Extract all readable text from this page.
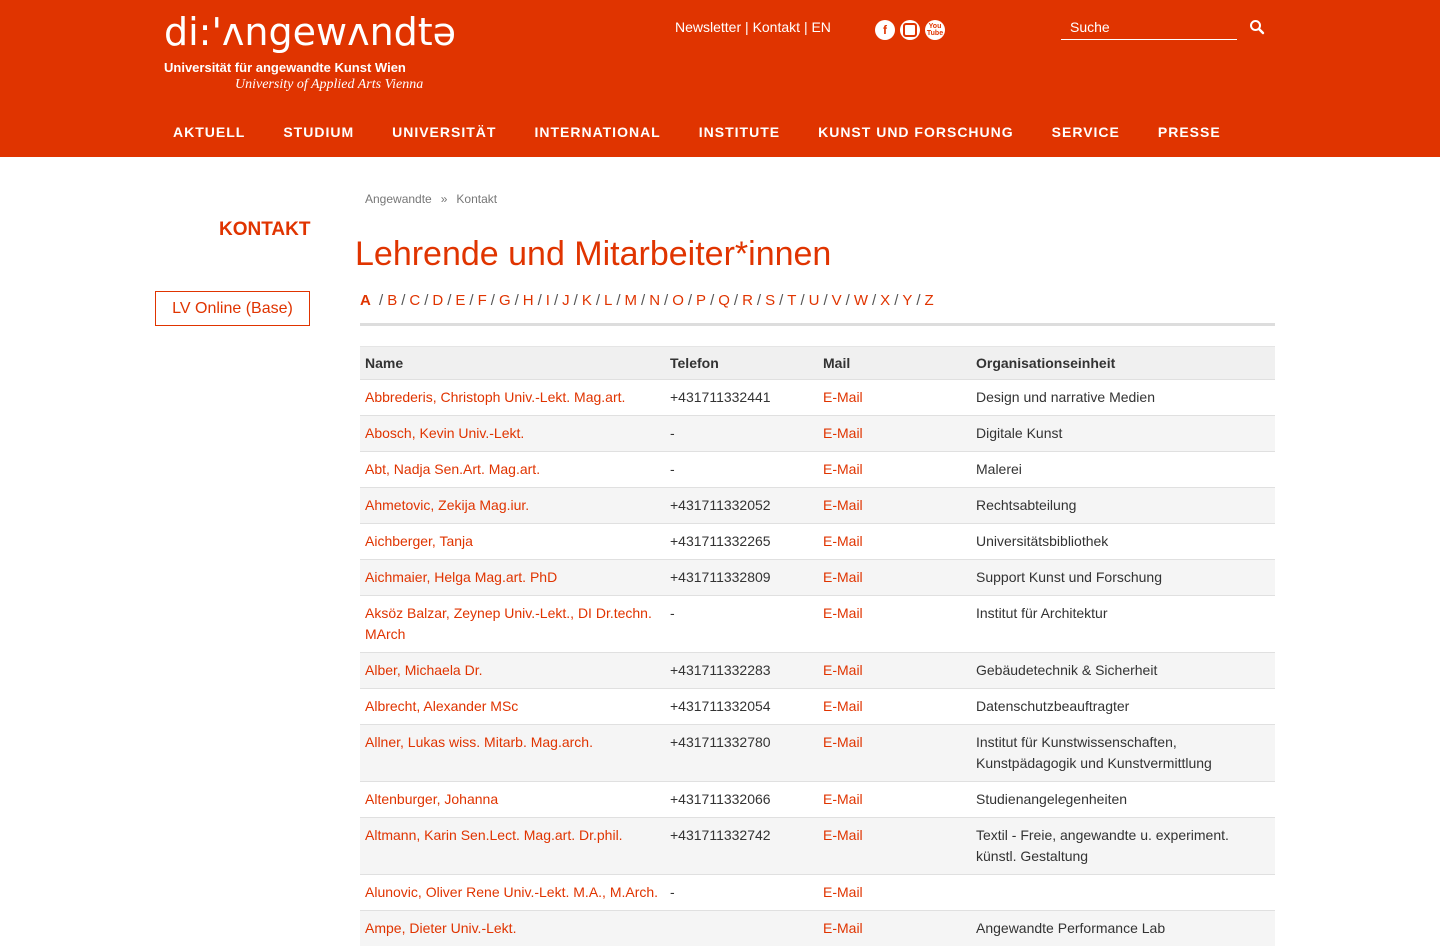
di:'ʌngewʌndtə
Universität für angewandte Kunst Wien
University of Applied Arts Vienna
Newsletter | Kontakt | EN	f	You Tube
Suche
AKTUELL	STUDIUM	UNIVERSITÄT	INTERNATIONAL	INSTITUTE	KUNST UND FORSCHUNG	SERVICE	PRESSE
KONTAKT
LV Online (Base)
Angewandte » Kontakt
Lehrende und Mitarbeiter*innen
A / B / C / D / E / F / G / H / I / J / K / L / M / N / O / P / Q / R / S / T / U / V / W / X / Y / Z
Name	Telefon	Mail	Organisationseinheit
Abbrederis, Christoph Univ.-Lekt. Mag.art.	+431711332441	E-Mail	Design und narrative Medien
Abosch, Kevin Univ.-Lekt.	-	E-Mail	Digitale Kunst
Abt, Nadja Sen.Art. Mag.art.	-	E-Mail	Malerei
Ahmetovic, Zekija Mag.iur.	+431711332052	E-Mail	Rechtsabteilung
Aichberger, Tanja	+431711332265	E-Mail	Universitätsbibliothek
Aichmaier, Helga Mag.art. PhD	+431711332809	E-Mail	Support Kunst und Forschung
Aksöz Balzar, Zeynep Univ.-Lekt., DI Dr.techn. MArch	-	E-Mail	Institut für Architektur
Alber, Michaela Dr.	+431711332283	E-Mail	Gebäudetechnik & Sicherheit
Albrecht, Alexander MSc	+431711332054	E-Mail	Datenschutzbeauftragter
Allner, Lukas wiss. Mitarb. Mag.arch.	+431711332780	E-Mail	Institut für Kunstwissenschaften, Kunstpädagogik und Kunstvermittlung
Altenburger, Johanna	+431711332066	E-Mail	Studienangelegenheiten
Altmann, Karin Sen.Lect. Mag.art. Dr.phil.	+431711332742	E-Mail	Textil - Freie, angewandte u. experiment. künstl. Gestaltung
Alunovic, Oliver Rene Univ.-Lekt. M.A., M.Arch.	-	E-Mail	
Ampe, Dieter Univ.-Lekt.		E-Mail	Angewandte Performance Lab
